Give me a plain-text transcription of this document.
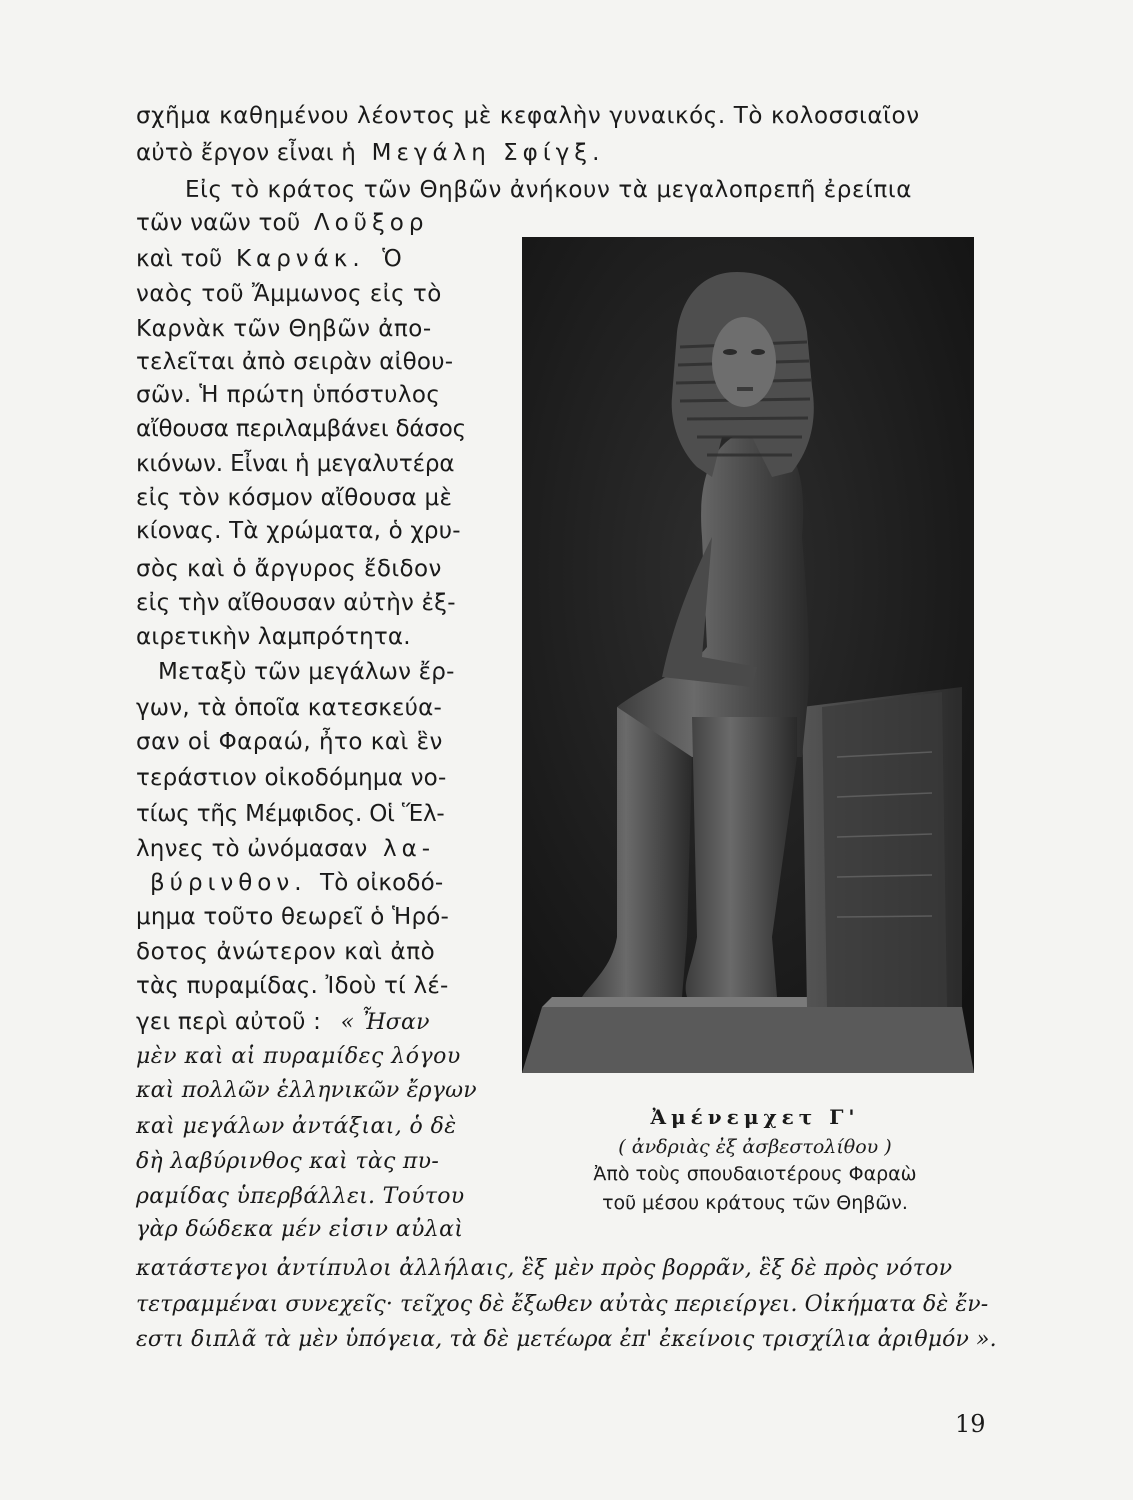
σχῆμα καθημένου λέοντος μὲ κεφαλὴν γυναικός. Τὸ κολοσσιαῖον
αὐτὸ ἔργον εἶναι ἡ Μεγάλη Σφίγξ.
Εἰς τὸ κράτος τῶν Θηβῶν ἀνήκουν τὰ μεγαλοπρεπῆ ἐρείπια
τῶν ναῶν τοῦ Λοῦξορ
καὶ τοῦ Καρνάκ. Ὁ
ναὸς τοῦ Ἄμμωνος εἰς τὸ
Καρνὰκ τῶν Θηβῶν ἀπο-
τελεῖται ἀπὸ σειρὰν αἰθου-
σῶν. Ἡ πρώτη ὑπόστυλος
αἴθουσα περιλαμβάνει δάσος
κιόνων. Εἶναι ἡ μεγαλυτέρα
εἰς τὸν κόσμον αἴθουσα μὲ
κίονας. Τὰ χρώματα, ὁ χρυ-
σὸς καὶ ὁ ἄργυρος ἔδιδον
εἰς τὴν αἴθουσαν αὐτὴν ἐξ-
αιρετικὴν λαμπρότητα.
Μεταξὺ τῶν μεγάλων ἔρ-
γων, τὰ ὁποῖα κατεσκεύα-
σαν οἱ Φαραώ, ἦτο καὶ ἓν
τεράστιον οἰκοδόμημα νο-
τίως τῆς Μέμφιδος. Οἱ Ἕλ-
ληνες τὸ ὠνόμασαν λα-
βύρινθον. Τὸ οἰκοδό-
μημα τοῦτο θεωρεῖ ὁ Ἡρό-
δοτος ἀνώτερον καὶ ἀπὸ
τὰς πυραμίδας. Ἰδοὺ τί λέ-
γει περὶ αὐτοῦ : « Ἦσαν
μὲν καὶ αἱ πυραμίδες λόγου
καὶ πολλῶν ἑλληνικῶν ἔργων
καὶ μεγάλων ἀντάξιαι, ὁ δὲ
δὴ λαβύρινθος καὶ τὰς πυ-
ραμίδας ὑπερβάλλει. Τούτου
γὰρ δώδεκα μέν εἰσιν αὐλαὶ
κατάστεγοι ἀντίπυλοι ἀλλήλαις, ἓξ μὲν πρὸς βορρᾶν, ἓξ δὲ πρὸς νότον
τετραμμέναι συνεχεῖς· τεῖχος δὲ ἔξωθεν αὐτὰς περιείργει. Οἰκήματα δὲ ἔν-
εστι διπλᾶ τὰ μὲν ὑπόγεια, τὰ δὲ μετέωρα ἐπ' ἐκείνοις τρισχίλια ἀριθμόν ».
Ἀμένεμχετ Γ'
( ἀνδριὰς ἐξ ἀσβεστολίθου )
Ἀπὸ τοὺς σπουδαιοτέρους Φαραὼ
τοῦ μέσου κράτους τῶν Θηβῶν.
19
